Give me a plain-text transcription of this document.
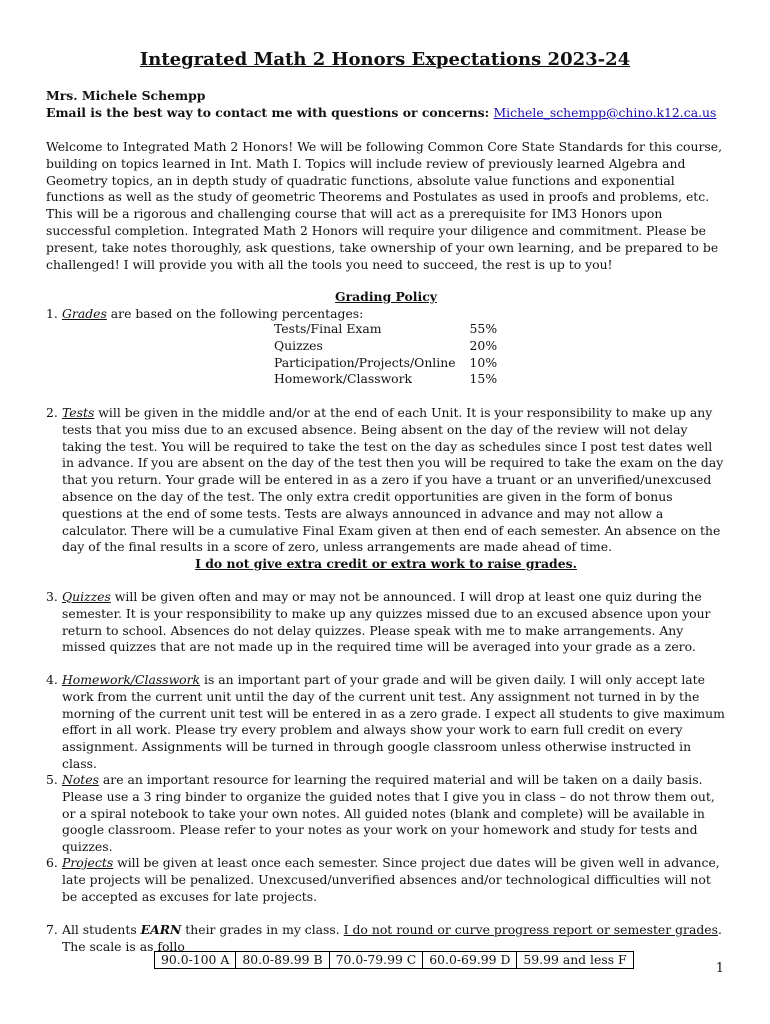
Integrated Math 2 Honors Expectations 2023-24

Mrs. Michele Schempp

Email is the best way to contact me with questions or concerns: Michele_schempp@chino.k12.ca.us

Welcome to Integrated Math 2 Honors! We will be following Common Core State Standards for this course, building on topics learned in Int. Math I. Topics will include review of previously learned Algebra and Geometry topics, an in depth study of quadratic functions, absolute value functions and exponential functions as well as the study of geometric Theorems and Postulates as used in proofs and problems, etc. This will be a rigorous and challenging course that will act as a prerequisite for IM3 Honors upon successful completion. Integrated Math 2 Honors will require your diligence and commitment. Please be present, take notes thoroughly, ask questions, take ownership of your own learning, and be prepared to be challenged! I will provide you with all the tools you need to succeed, the rest is up to you!
Grading Policy
1. Grades are based on the following percentages:
Tests/Final Exam	55%
Quizzes	20%
Participation/Projects/Online	10%
Homework/Classwork	15%
2. Tests will be given in the middle and/or at the end of each Unit. It is your responsibility to make up any tests that you miss due to an excused absence. Being absent on the day of the review will not delay taking the test. You will be required to take the test on the day as schedules since I post test dates well in advance. If you are absent on the day of the test then you will be required to take the exam on the day that you return. Your grade will be entered in as a zero if you have a truant or an unverified/unexcused absence on the day of the test. The only extra credit opportunities are given in the form of bonus questions at the end of some tests. Tests are always announced in advance and may not allow a calculator. There will be a cumulative Final Exam given at then end of each semester. An absence on the day of the final results in a score of zero, unless arrangements are made ahead of time.
I do not give extra credit or extra work to raise grades.
3. Quizzes will be given often and may or may not be announced. I will drop at least one quiz during the semester. It is your responsibility to make up any quizzes missed due to an excused absence upon your return to school. Absences do not delay quizzes. Please speak with me to make arrangements. Any missed quizzes that are not made up in the required time will be averaged into your grade as a zero.
4. Homework/Classwork is an important part of your grade and will be given daily. I will only accept late work from the current unit until the day of the current unit test. Any assignment not turned in by the morning of the current unit test will be entered in as a zero grade. I expect all students to give maximum effort in all work. Please try every problem and always show your work to earn full credit on every assignment. Assignments will be turned in through google classroom unless otherwise instructed in class.
5. Notes are an important resource for learning the required material and will be taken on a daily basis. Please use a 3 ring binder to organize the guided notes that I give you in class – do not throw them out, or a spiral notebook to take your own notes. All guided notes (blank and complete) will be available in google classroom. Please refer to your notes as your work on your homework and study for tests and quizzes.
6. Projects will be given at least once each semester. Since project due dates will be given well in advance, late projects will be penalized. Unexcused/unverified absences and/or technological difficulties will not be accepted as excuses for late projects.
7. All students EARN their grades in my class. I do not round or curve progress report or semester grades. The scale is as follo
90.0-100 A	80.0-89.99 B	70.0-79.99 C	60.0-69.99 D	59.99 and less F
1
